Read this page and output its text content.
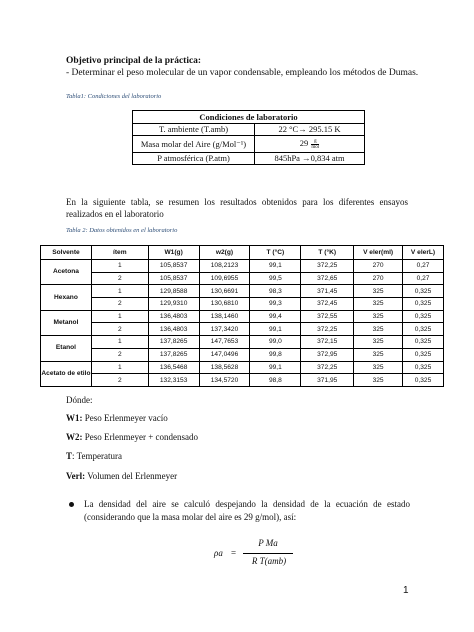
Objetivo principal de la práctica:
- Determinar el peso molecular de un vapor condensable, empleando los métodos de Dumas.
Tabla1: Condiciones del laboratorio
Condiciones de laboratorio	
T. ambiente (T.amb)	22 °C→ 295.15 K
Masa molar del Aire (g/Mol⁻¹)	$29 \frac{g}{\text{mol}}$

P atmosférica (P.atm)	845hPa →0,834 atm
En la siguiente tabla, se resumen los resultados obtenidos para los diferentes ensayos realizados en el laboratorio
Tabla 2: Datos obtenidos en el laboratorio
Solvente	ítem	W1(g)	w2(g)	T (°C)	T (°K)	V eler(ml)	V elerL)
Acetona	1	105,8537	108,2123	99,1	372,25	270	0,27
	2	105,8537	109,6955	99,5	372,65	270	0,27
Hexano	1	129,8588	130,6691	98,3	371,45	325	0,325
	2	129,9310	130,6810	99,3	372,45	325	0,325
Metanol	1	136,4803	138,1460	99,4	372,55	325	0,325
	2	136,4803	137,3420	99,1	372,25	325	0,325
Etanol	1	137,8265	147,7653	99,0	372,15	325	0,325
	2	137,8265	147,0496	99,8	372,95	325	0,325
Acetato de etilo	1	136,5468	138,5628	99,1	372,25	325	0,325
	2	132,3153	134,5720	98,8	371,95	325	0,325
Dónde:
W1: Peso Erlenmeyer vacío
W2: Peso Erlenmeyer + condensado
T: Temperatura
Verl: Volumen del Erlenmeyer
La densidad del aire se calculó despejando la densidad de la ecuación de estado (considerando que la masa molar del aire es 29 g/mol), así:
ρa =
P Ma
R T(amb)
1
